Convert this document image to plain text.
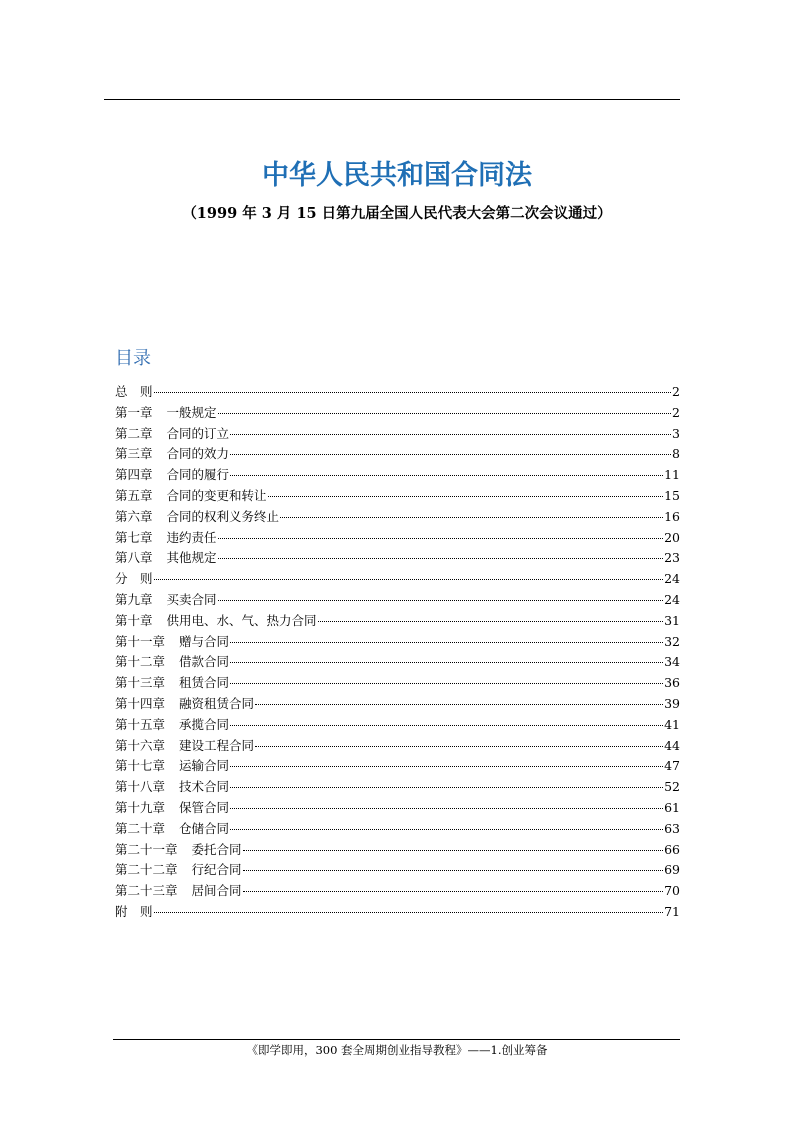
中华人民共和国合同法
（1999 年 3 月 15 日第九届全国人民代表大会第二次会议通过）
目录
总　则	2
第一章 一般规定	2
第二章 合同的订立	3
第三章 合同的效力	8
第四章 合同的履行	11
第五章 合同的变更和转让	15
第六章 合同的权利义务终止	16
第七章 违约责任	20
第八章 其他规定	23
分　则	24
第九章 买卖合同	24
第十章 供用电、水、气、热力合同	31
第十一章 赠与合同	32
第十二章 借款合同	34
第十三章 租赁合同	36
第十四章 融资租赁合同	39
第十五章 承揽合同	41
第十六章 建设工程合同	44
第十七章 运输合同	47
第十八章 技术合同	52
第十九章 保管合同	61
第二十章 仓储合同	63
第二十一章 委托合同	66
第二十二章 行纪合同	69
第二十三章 居间合同	70
附　则	71
《即学即用，300 套全周期创业指导教程》——1.创业筹备
